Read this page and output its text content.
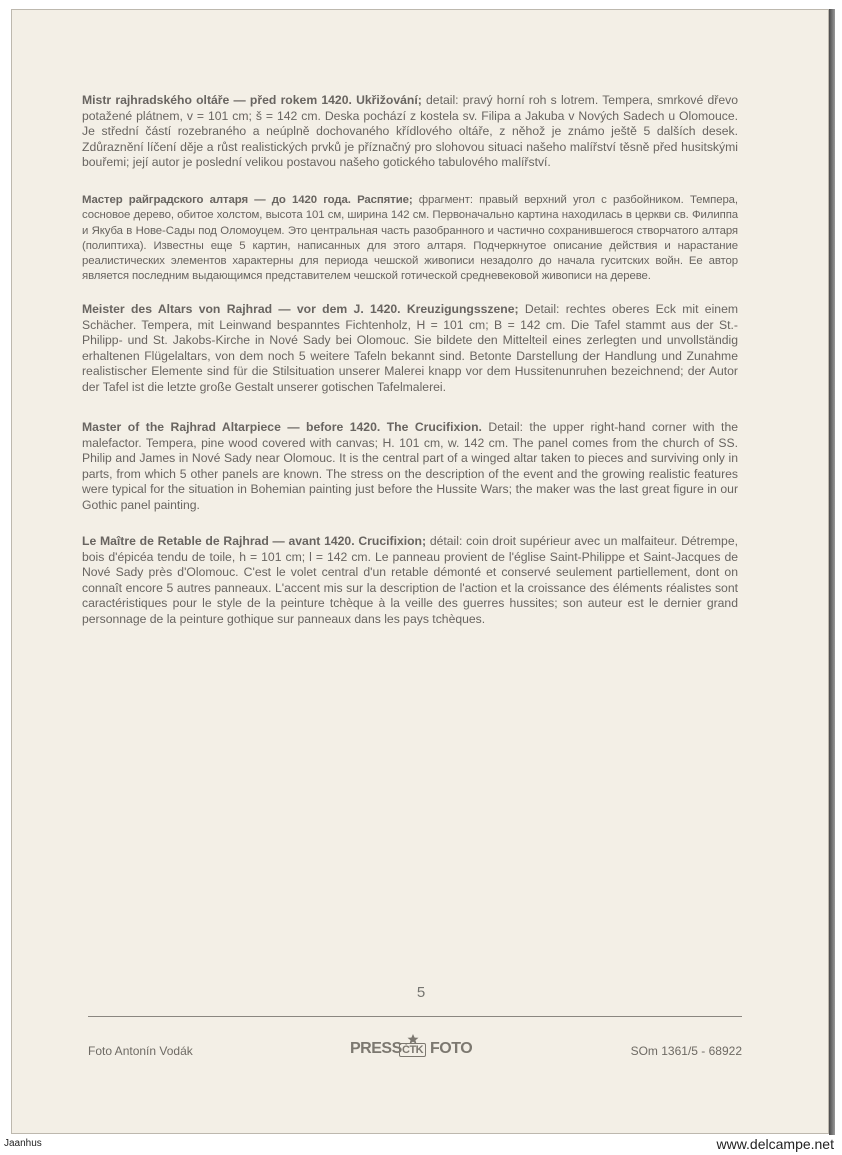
Mistr rajhradského oltáře — před rokem 1420. Ukřižování; detail: pravý horní roh s lotrem. Tempera, smrkové dřevo potažené plátnem, v = 101 cm; š = 142 cm. Deska pochází z kostela sv. Filipa a Jakuba v Nových Sadech u Olomouce. Je střední částí rozebraného a neúplně dochovaného křídlového oltáře, z něhož je známo ještě 5 dalších desek. Zdůraznění líčení děje a růst realistických prvků je příznačný pro slohovou situaci našeho malířství těsně před husitskými bouřemi; její autor je poslední velikou postavou našeho gotického tabulového malířství.

Мастер райградского алтаря — до 1420 года. Распятие; фрагмент: правый верхний угол с разбойником. Темпера, сосновое дерево, обитое холстом, высота 101 см, ширина 142 см. Первоначально картина находилась в церкви св. Филиппа и Якуба в Нове-Сады под Оломоуцем. Это центральная часть разобранного и частично сохранившегося створчатого алтаря (полиптиха). Известны еще 5 картин, написанных для этого алтаря. Подчеркнутое описание действия и нарастание реалистических элементов характерны для периода чешской живописи незадолго до начала гуситских войн. Ее автор является последним выдающимся представителем чешской готической средневековой живописи на дереве.

Meister des Altars von Rajhrad — vor dem J. 1420. Kreuzigungsszene; Detail: rechtes oberes Eck mit einem Schächer. Tempera, mit Leinwand bespanntes Fichtenholz, H = 101 cm; B = 142 cm. Die Tafel stammt aus der St.-Philipp- und St. Jakobs-Kirche in Nové Sady bei Olomouc. Sie bildete den Mittelteil eines zerlegten und unvollständig erhaltenen Flügelaltars, von dem noch 5 weitere Tafeln bekannt sind. Betonte Darstellung der Handlung und Zunahme realistischer Elemente sind für die Stilsituation unserer Malerei knapp vor dem Hussitenunruhen bezeichnend; der Autor der Tafel ist die letzte große Gestalt unserer gotischen Tafelmalerei.

Master of the Rajhrad Altarpiece — before 1420. The Crucifixion. Detail: the upper right-hand corner with the malefactor. Tempera, pine wood covered with canvas; H. 101 cm, w. 142 cm. The panel comes from the church of SS. Philip and James in Nové Sady near Olomouc. It is the central part of a winged altar taken to pieces and surviving only in parts, from which 5 other panels are known. The stress on the description of the event and the growing realistic features were typical for the situation in Bohemian painting just before the Hussite Wars; the maker was the last great figure in our Gothic panel painting.

Le Maître de Retable de Rajhrad — avant 1420. Crucifixion; détail: coin droit supérieur avec un malfaiteur. Détrempe, bois d'épicéa tendu de toile, h = 101 cm; l = 142 cm. Le panneau provient de l'église Saint-Philippe et Saint-Jacques de Nové Sady près d'Olomouc. C'est le volet central d'un retable démonté et conservé seulement partiellement, dont on connaît encore 5 autres panneaux. L'accent mis sur la description de l'action et la croissance des éléments réalistes sont caractéristiques pour le style de la peinture tchèque à la veille des guerres hussites; son auteur est le dernier grand personnage de la peinture gothique sur panneaux dans les pays tchèques.

5
Foto Antonín Vodák	PRESS ČTK FOTO	SOm 1361/5 - 68922
Jaanhus	www.delcampe.net
